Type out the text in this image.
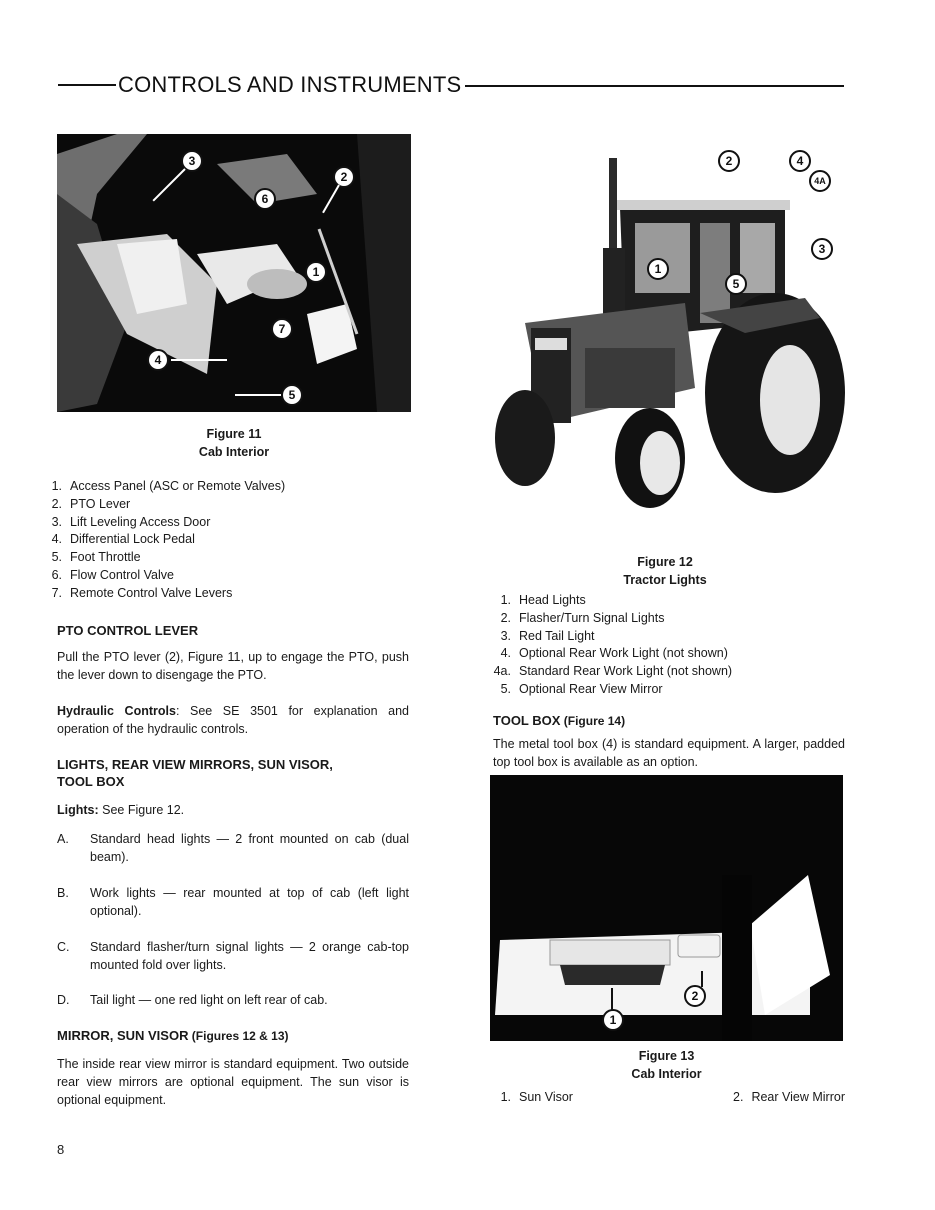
CONTROLS AND INSTRUMENTS
3
2
6
1
7
4
5
Figure 11
Cab Interior
1. Access Panel (ASC or Remote Valves)
2. PTO Lever
3. Lift Leveling Access Door
4. Differential Lock Pedal
5. Foot Throttle
6. Flow Control Valve
7. Remote Control Valve Levers
PTO CONTROL LEVER
Pull the PTO lever (2), Figure 11, up to engage the PTO, push the lever down to disengage the PTO.
Hydraulic Controls: See SE 3501 for explanation and operation of the hydraulic controls.
LIGHTS, REAR VIEW MIRRORS, SUN VISOR,
TOOL BOX
Lights: See Figure 12.
A.	Standard head lights — 2 front mounted on cab (dual beam).
B.	Work lights — rear mounted at top of cab (left light optional).
C.	Standard flasher/turn signal lights — 2 orange cab-top mounted fold over lights.
D.	Tail light — one red light on left rear of cab.
MIRROR, SUN VISOR (Figures 12 & 13)
The inside rear view mirror is standard equipment. Two outside rear view mirrors are optional equipment. The sun visor is optional equipment.
8
2	4
4A
3
1
5
Figure 12
Tractor Lights
1. Head Lights
2. Flasher/Turn Signal Lights
3. Red Tail Light
4. Optional Rear Work Light (not shown)
4a. Standard Rear Work Light (not shown)
5. Optional Rear View Mirror
TOOL BOX (Figure 14)
The metal tool box (4) is standard equipment. A larger, padded top tool box is available as an option.
2
1
Figure 13
Cab Interior
1. Sun Visor	2. Rear View Mirror
